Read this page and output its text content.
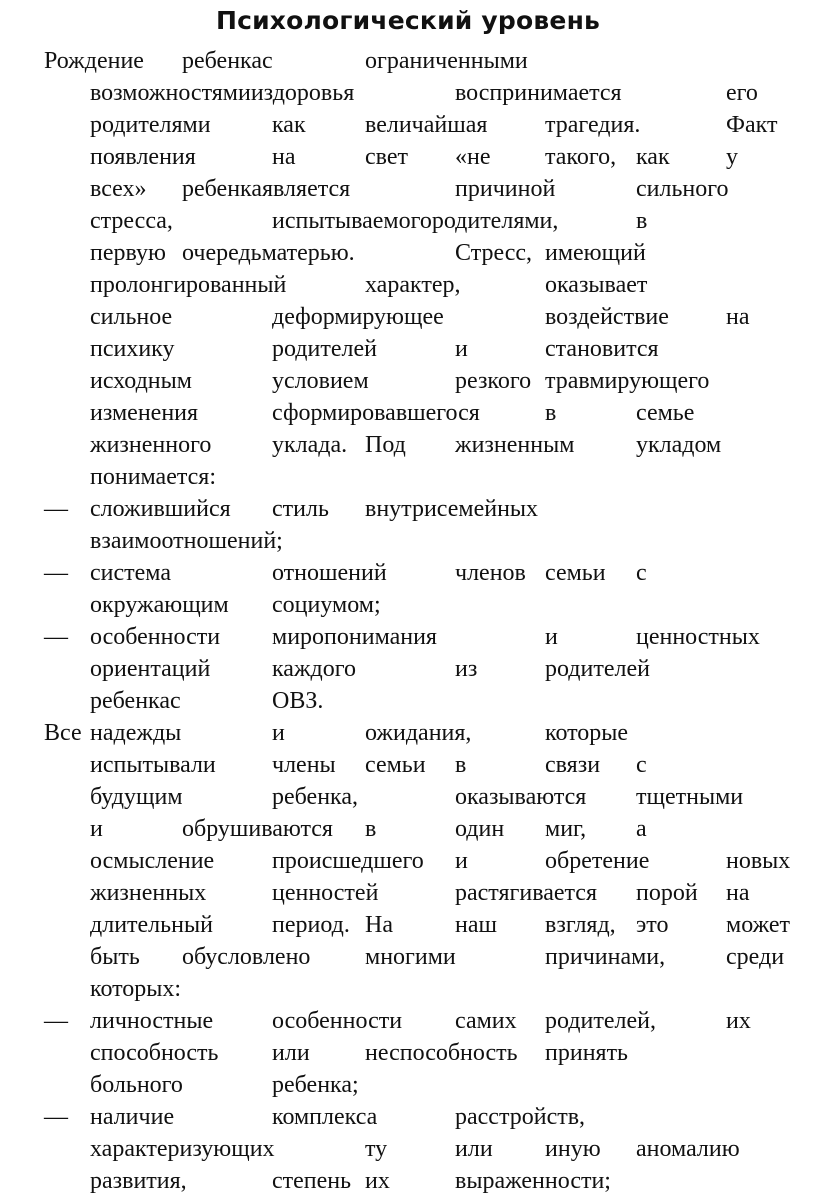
Психологический уровень
Рождение ребенкас	ограниченными
возможностямииздоровья	воспринимается	его
родителями	как величайшая трагедия.	Факт
появления	на	свет «не такого, как у
всех» ребенкаявляется	причиной	сильного
стресса,	испытываемогородителями,	в
первую очередьматерью.	Стресс, имеющий
пролонгированный	характер,	оказывает
сильное	деформирующее	воздействие на
психику	родителей	и	становится
исходным	условием	резкого травмирующего
изменения	сформировавшегося	в	семье
жизненного	уклада. Под жизненным	укладом
понимается:
— сложившийся стиль внутрисемейных
взаимоотношений;
— система	отношений	членов семьи с
окружающим социумом;
— особенности миропонимания	и	ценностных
ориентаций	каждого	из	родителей
ребенкас	ОВЗ.
Все надежды	и	ожидания,	которые
испытывали члены семьи в	связи с
будущим	ребенка,	оказываются тщетными
и	обрушиваются в	один миг, а
осмысление происшедшего и	обретение	новых
жизненных	ценностей	растягивается порой на
длительный период. На	наш взгляд, это может
быть обусловлено многими	причинами,	среди
которых:
— личностные особенности самих родителей,	их
способность или неспособность принять
больного	ребенка;
— наличие	комплекса	расстройств,
характеризующих	ту	или иную аномалию
развития,	степень их	выраженности;
